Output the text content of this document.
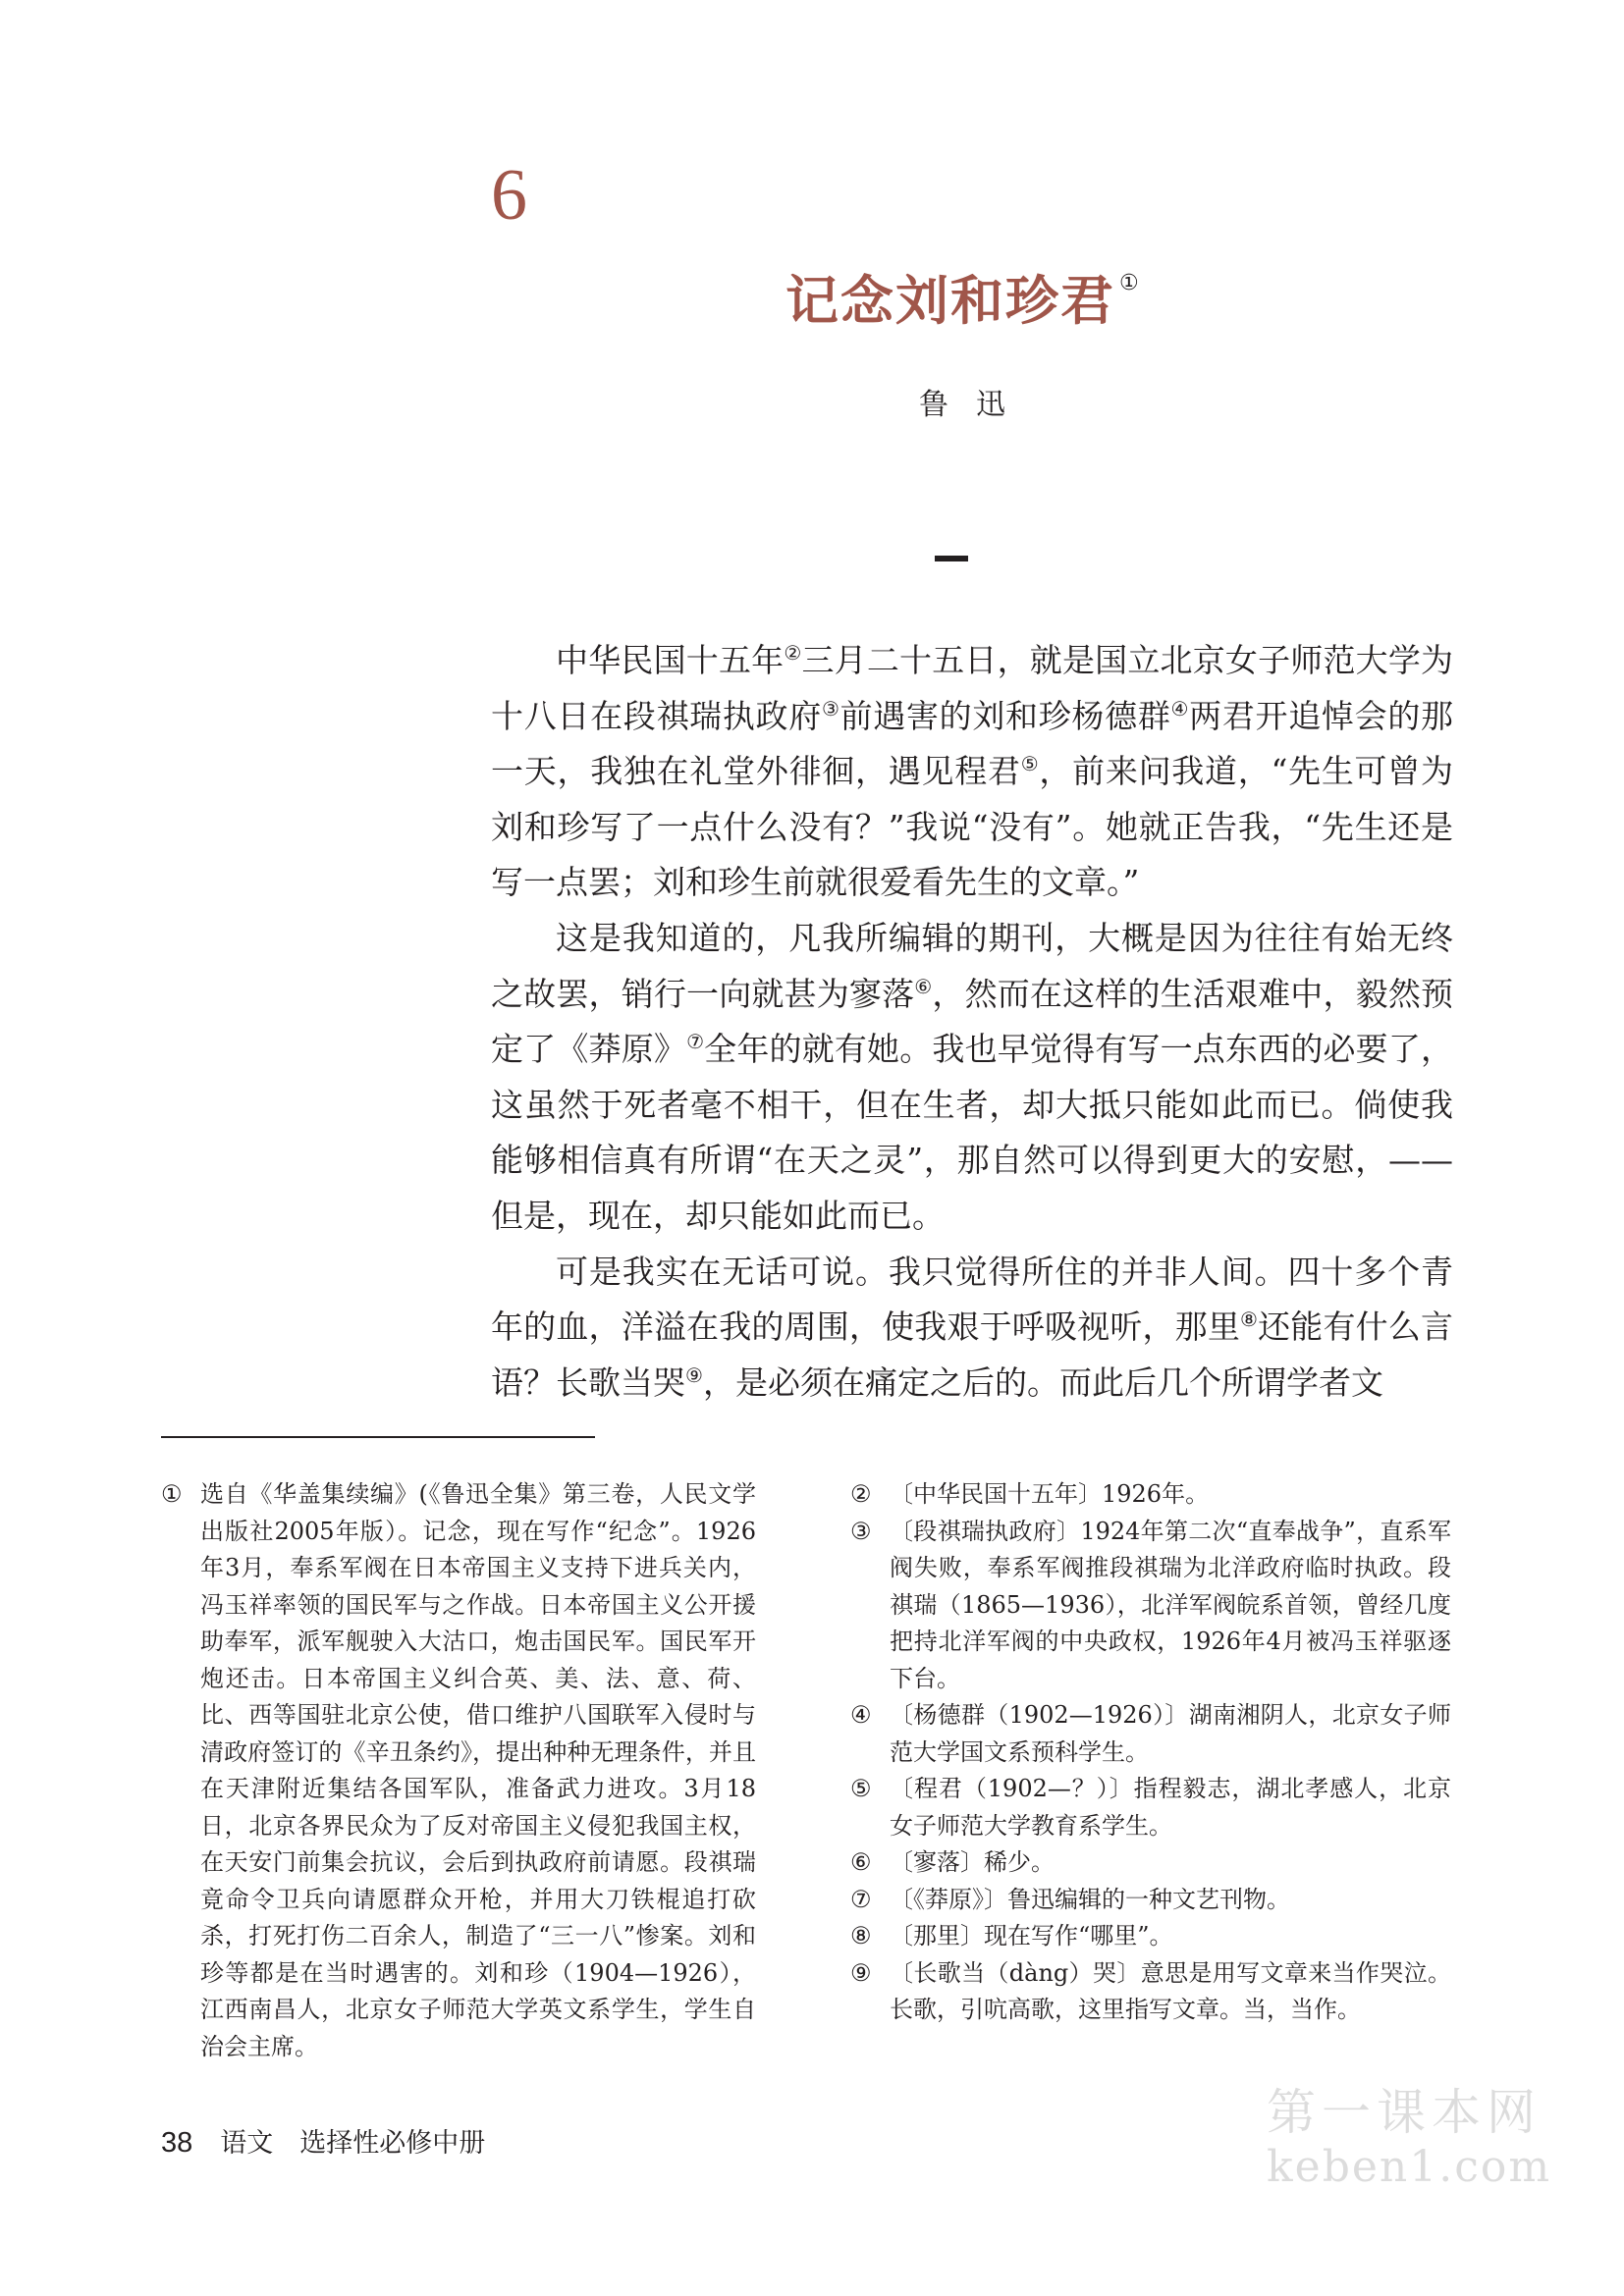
6
记念刘和珍君 ①
鲁迅

中华民国十五年②三月二十五日，就是国立北京女子师范大学为十八日在段祺瑞执政府③前遇害的刘和珍杨德群④两君开追悼会的那一天，我独在礼堂外徘徊，遇见程君⑤，前来问我道，“先生可曾为刘和珍写了一点什么没有？”我说“没有”。她就正告我，“先生还是写一点罢；刘和珍生前就很爱看先生的文章。”

这是我知道的，凡我所编辑的期刊，大概是因为往往有始无终之故罢，销行一向就甚为寥落⑥，然而在这样的生活艰难中，毅然预定了《莽原》⑦全年的就有她。我也早觉得有写一点东西的必要了，这虽然于死者毫不相干，但在生者，却大抵只能如此而已。倘使我能够相信真有所谓“在天之灵”，那自然可以得到更大的安慰，——但是，现在，却只能如此而已。

可是我实在无话可说。我只觉得所住的并非人间。四十多个青年的血，洋溢在我的周围，使我艰于呼吸视听，那里⑧还能有什么言语？长歌当哭⑨，是必须在痛定之后的。而此后几个所谓学者文

① 选自《华盖集续编》(《鲁迅全集》第三卷，人民文学出版社2005年版）。记念，现在写作“纪念”。1926年3月，奉系军阀在日本帝国主义支持下进兵关内，冯玉祥率领的国民军与之作战。日本帝国主义公开援助奉军，派军舰驶入大沽口，炮击国民军。国民军开炮还击。日本帝国主义纠合英、美、法、意、荷、比、西等国驻北京公使，借口维护八国联军入侵时与清政府签订的《辛丑条约》，提出种种无理条件，并且在天津附近集结各国军队，准备武力进攻。3月18日，北京各界民众为了反对帝国主义侵犯我国主权，在天安门前集会抗议，会后到执政府前请愿。段祺瑞竟命令卫兵向请愿群众开枪，并用大刀铁棍追打砍杀，打死打伤二百余人，制造了“三一八”惨案。刘和珍等都是在当时遇害的。刘和珍（1904—1926），江西南昌人，北京女子师范大学英文系学生，学生自治会主席。
② 〔中华民国十五年〕1926年。
③ 〔段祺瑞执政府〕1924年第二次“直奉战争”，直系军阀失败，奉系军阀推段祺瑞为北洋政府临时执政。段祺瑞（1865—1936），北洋军阀皖系首领，曾经几度把持北洋军阀的中央政权，1926年4月被冯玉祥驱逐下台。
④ 〔杨德群（1902—1926）〕湖南湘阴人，北京女子师范大学国文系预科学生。
⑤ 〔程君（1902—？）〕指程毅志，湖北孝感人，北京女子师范大学教育系学生。
⑥ 〔寥落〕稀少。
⑦ 〔《莽原》〕鲁迅编辑的一种文艺刊物。
⑧ 〔那里〕现在写作“哪里”。
⑨ 〔长歌当（dàng）哭〕意思是用写文章来当作哭泣。长歌，引吭高歌，这里指写文章。当，当作。
38 语文　选择性必修中册
第一课本网
keben1.com
